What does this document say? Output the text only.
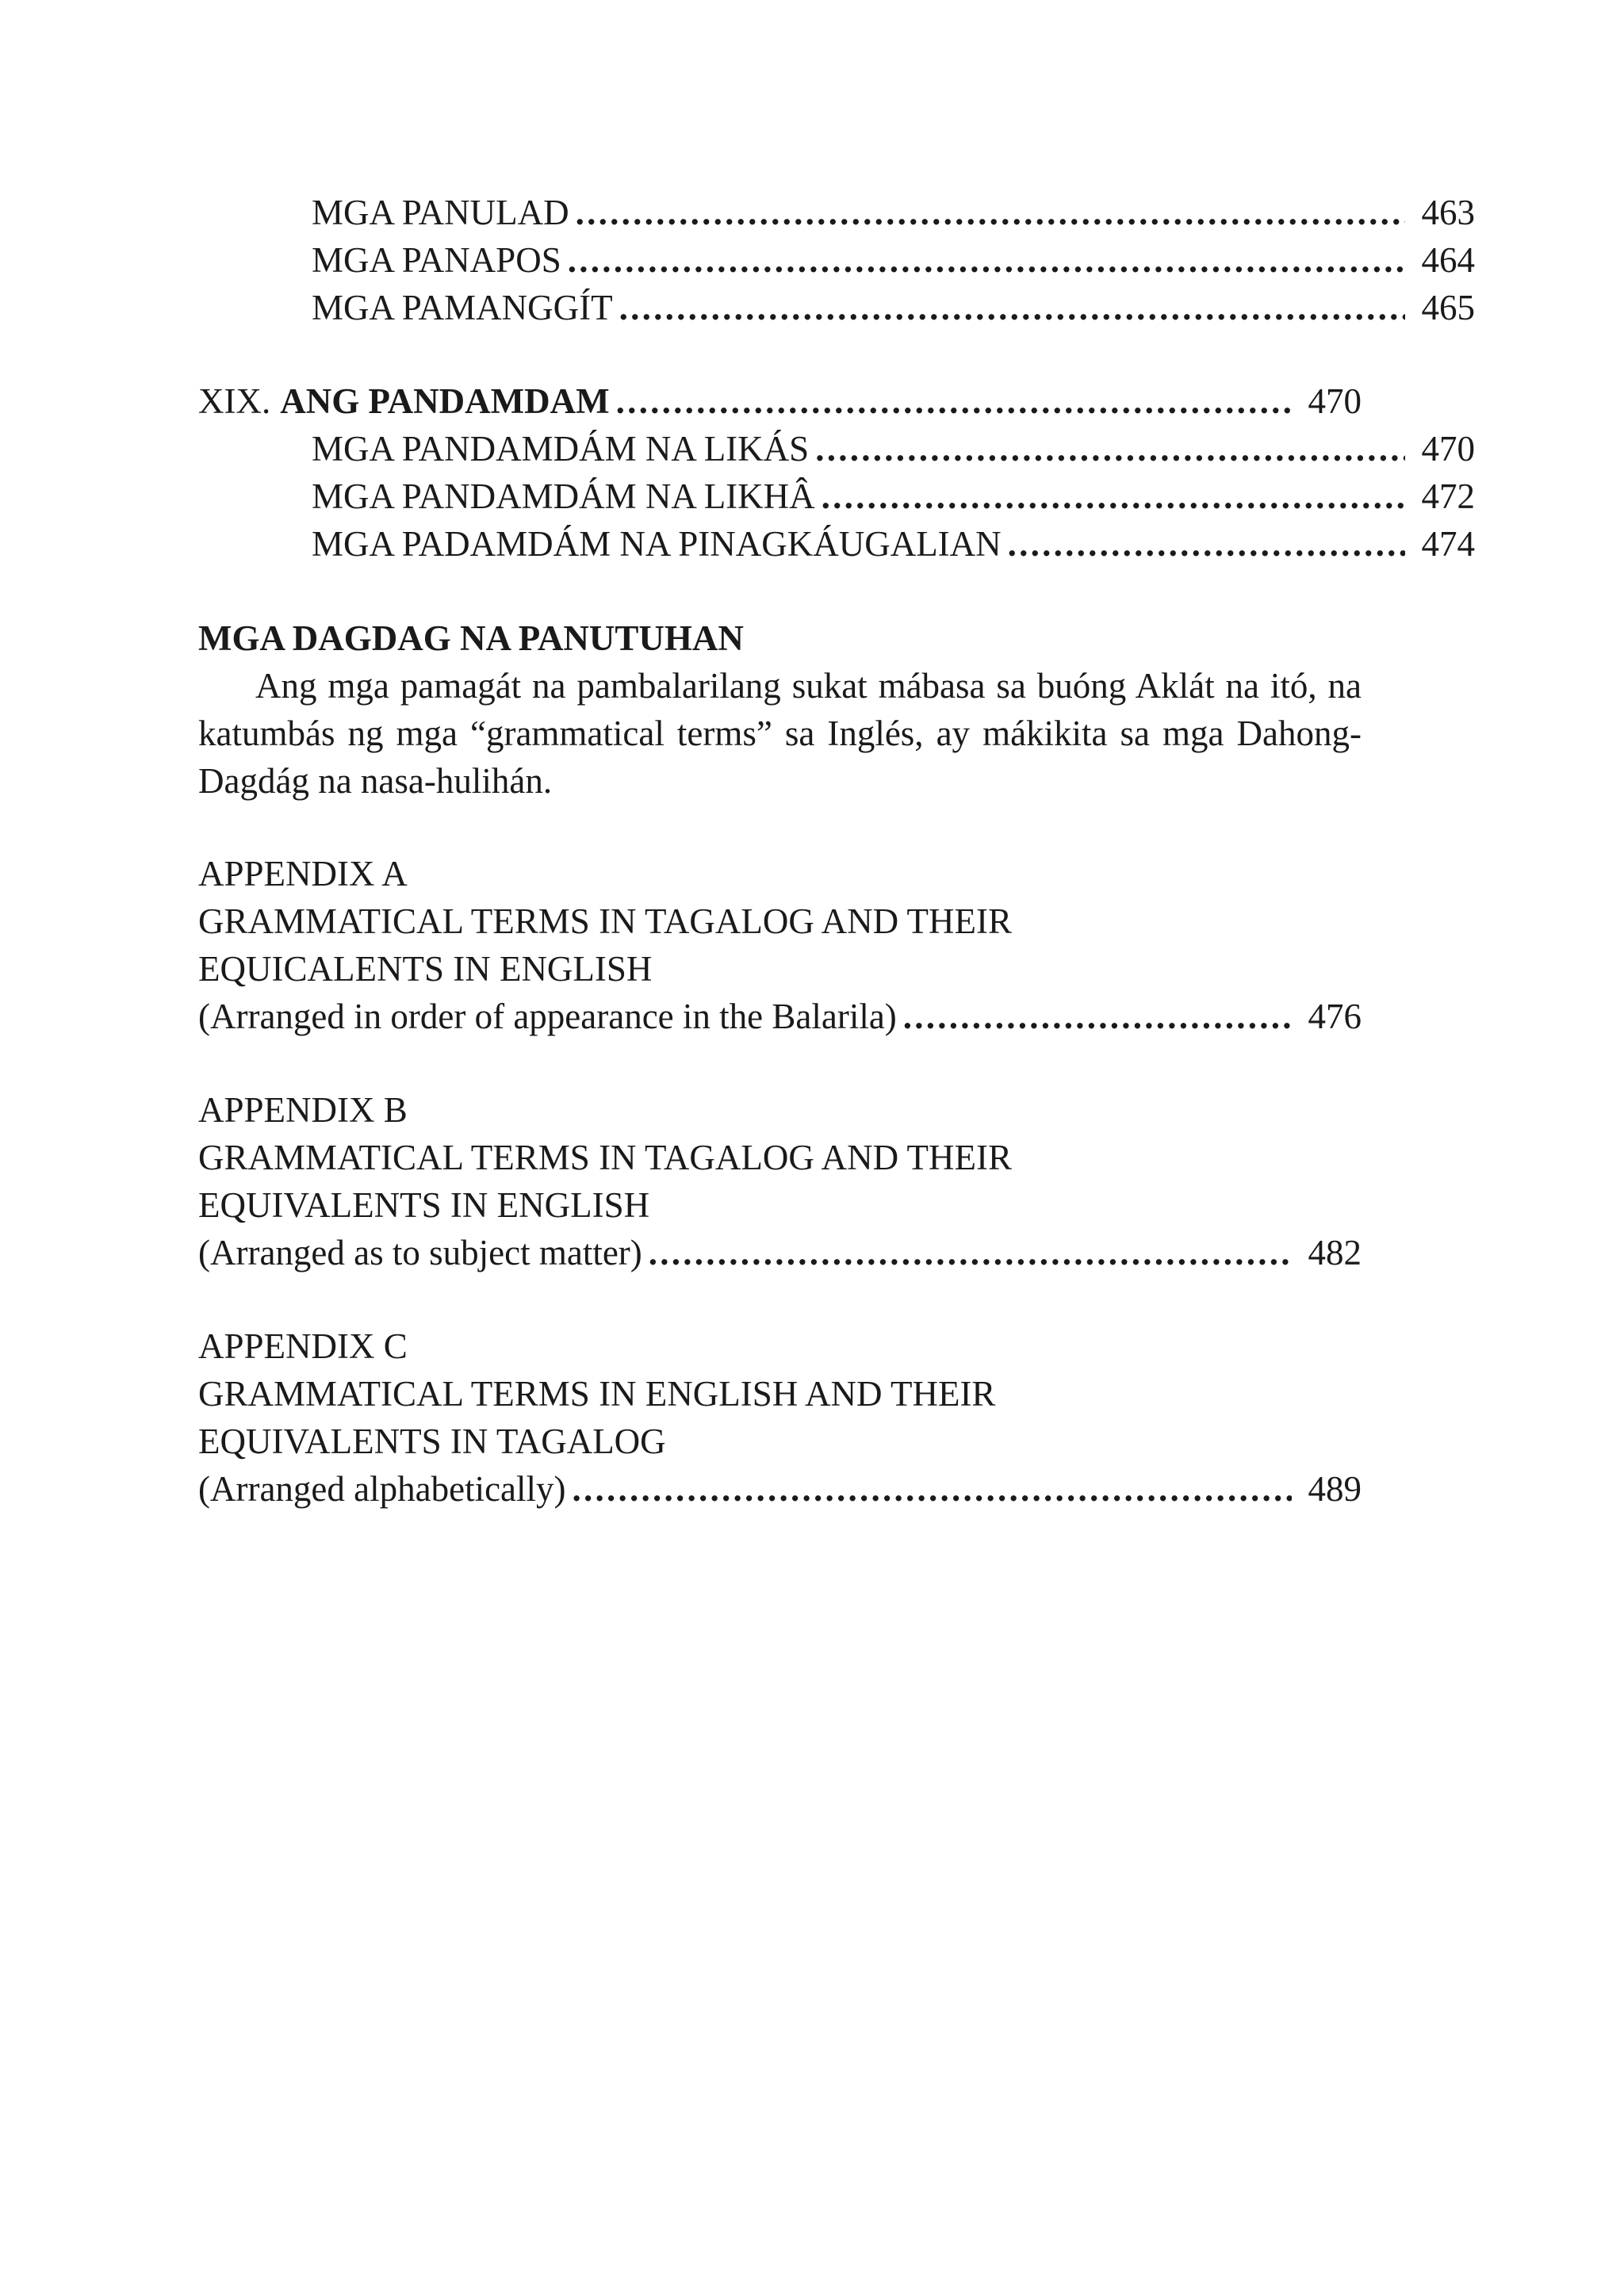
MGA PANULAD . . .	463
MGA PANAPOS . . .	464
MGA PAMANGGÍT . . .	465
XIX. ANG PANDAMDAM . . .	470
MGA PANDAMDÁM NA LIKÁS . . .	470
MGA PANDAMDÁM NA LIKHÂ . . .	472
MGA PADAMDÁM NA PINAGKÁUGALIAN . . .	474
MGA DAGDAG NA PANUTUHAN
Ang mga pamagát na pambalarilang sukat mábasa sa buóng Aklát na itó, na katumbás ng mga “grammatical terms” sa Inglés, ay mákikita sa mga Dahong-Dagdág na nasa-hulihán.
APPENDIX A
GRAMMATICAL TERMS IN TAGALOG AND THEIR
EQUICALENTS IN ENGLISH
(Arranged in order of appearance in the Balarila) . . .	476
APPENDIX B
GRAMMATICAL TERMS IN TAGALOG AND THEIR
EQUIVALENTS IN ENGLISH
(Arranged as to subject matter) . . .	482
APPENDIX C
GRAMMATICAL TERMS IN ENGLISH AND THEIR
EQUIVALENTS IN TAGALOG
(Arranged alphabetically) . . .	489
